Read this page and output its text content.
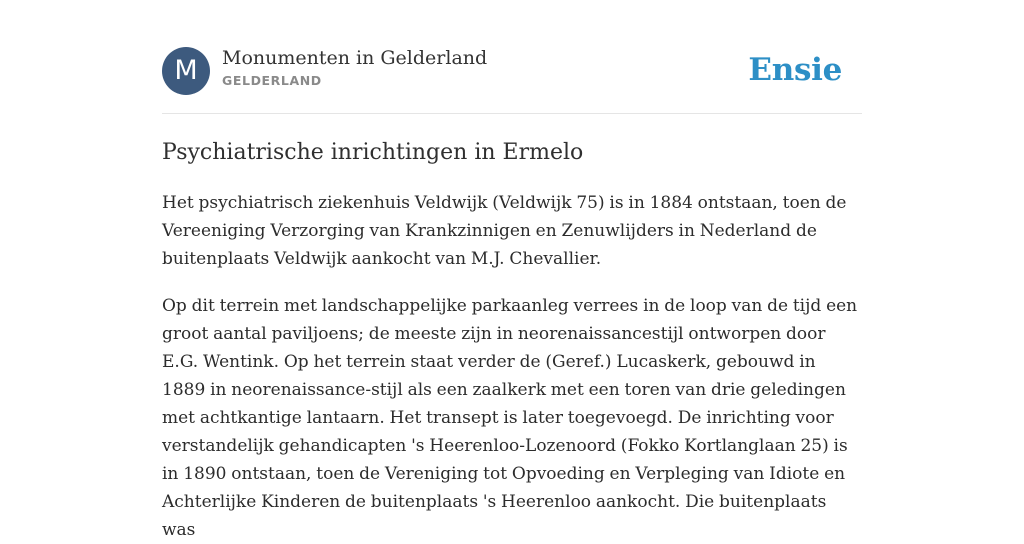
M	Monumenten in Gelderland
GELDERLAND	Ensie
Psychiatrische inrichtingen in Ermelo

Het psychiatrisch ziekenhuis Veldwijk (Veldwijk 75) is in 1884 ontstaan, toen de Vereeniging Verzorging van Krankzinnigen en Zenuwlijders in Nederland de buitenplaats Veldwijk aankocht van M.J. Chevallier.

Op dit terrein met landschappelijke parkaanleg verrees in de loop van de tijd een groot aantal paviljoens; de meeste zijn in neorenaissancestijl ontworpen door E.G. Wentink. Op het terrein staat verder de (Geref.) Lucaskerk, gebouwd in 1889 in neorenaissance-stijl als een zaalkerk met een toren van drie geledingen met achtkantige lantaarn. Het transept is later toegevoegd. De inrichting voor verstandelijk gehandicapten 's Heerenloo-Lozenoord (Fokko Kortlanglaan 25) is in 1890 ontstaan, toen de Vereniging tot Opvoeding en Verpleging van Idiote en Achterlijke Kinderen de buitenplaats 's Heerenloo aankocht. Die buitenplaats was
